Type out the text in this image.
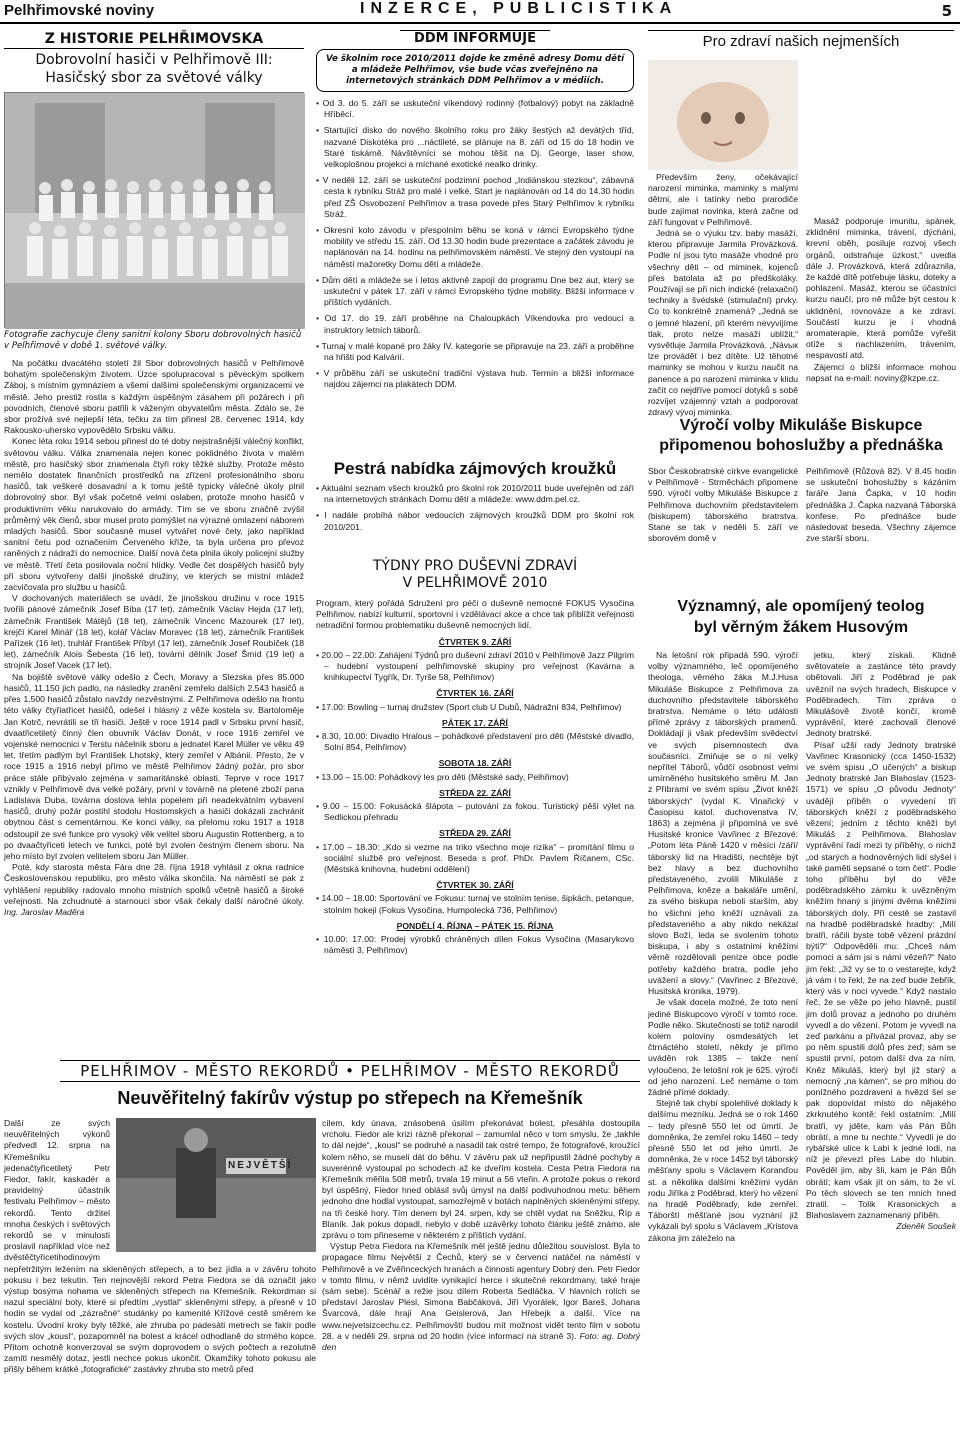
Pelhřimovské noviny	INZERCE, PUBLICISTIKA	5
Z HISTORIE PELHŘIMOVSKA
Dobrovolní hasiči v Pelhřimově III:
Hasičský sbor za světové války
Fotografie zachycuje členy sanitní kolony Sboru dobrovolných hasičů v Pelhřimově v době 1. světové války.

Na počátku dvacátého století žil Sbor dobrovolných hasičů v Pelhřimově bohatým společenským životem. Úzce spolupracoval s pěveckým spolkem Záboj, s místním gymnáziem a všemi dalšími společenskými organizacemi ve městě. Jeho prestiž rostla s každým úspěšným zásahem při požárech i při povodních, členové sboru patřili k váženým obyvatelům města. Zdálo se, že sbor prožívá své nejlepší léta, tečku za tím přinesl 28. červenec 1914, kdy Rakousko-uhersko vypovědělo Srbsku válku.

Konec léta roku 1914 sebou přinesl do té doby nejstrašnější válečný konflikt, světovou válku. Válka znamenala nejen konec poklidného života v malém městě, pro hasičský sbor znamenala čtyři roky těžké služby. Protože město nemělo dostatek finančních prostředků na zřízení profesionálního sboru hasičů, tak veškeré dosavadní a k tomu ještě typicky válečné úkoly plnil dobrovolný sbor. Byl však početně velmi oslaben, protože mnoho hasičů v produktivním věku narukovalo do armády. Tím se ve sboru značně zvýšil průměrný věk členů, sbor musel proto pomýšlet na výrazné omlazení náborem mladých hasičů. Sbor současně musel vytvářet nové čety, jako například sanitní četu pod označením Červeného kříže, ta byla určena pro převoz raněných z nádraží do nemocnice. Další nová četa plnila úkoly policejní služby ve městě. Třetí četa posilovala noční hlídky. Vedle čet dospělých hasičů byly při sboru vytvořeny další jinošské družiny, ve kterých se místní mládež zacvičovala pro službu u hasičů.

V dochovaných materiálech se uvádí, že jinošskou družinu v roce 1915 tvořili pánové zámečník Josef Bíba (17 let), zámečník Václav Hejda (17 let), zámečník František Mátějů (18 let), zámečník Vincenc Mazourek (17 let), krejčí Karel Minář (18 let), kolář Václav Moravec (18 let), zámečník František Pařízek (16 let), truhlář František Příbyl (17 let), zámečník Josef Roubíček (18 let), zámečník Alois Šebesta (16 let), tovární dělník Josef Šmíd (19 let) a strojník Josef Vacek (17 let).

Na bojiště světové války odešlo z Čech, Moravy a Slezska přes 85.000 hasičů, 11.150 jich padlo, na následky zranění zemřelo dalších 2.543 hasičů a přes 1.500 hasičů zůstalo navždy nezvěstnými. Z Pelhřimova odešlo na frontu této války čtyřiatřicet hasičů, odešel i hlásný z věže kostela sv. Bartoloměje Jan Kotrč, nevrátili se tři hasiči. Ještě v roce 1914 padl v Srbsku první hasič, dvaatřicetiletý činný člen obuvník Václav Donát, v roce 1916 zemřel ve vojenské nemocnici v Terstu náčelník sboru a jednatel Karel Müller ve věku 49 let, třetím padlým byl František Lhotský, který zemřel v Albánii. Přesto, že v roce 1915 a 1916 nebyl přímo ve městě Pelhřimov žádný požár, pro sbor práce stále přibývalo zejména v samaritánské oblasti. Teprve v roce 1917 vznikly v Pelhřimově dva velké požáry, první v továrně na pletené zboží pana Ladislava Duba, továrna doslova lehla popelem při neadekvátním vybavení hasičů, druhý požár postihl stodolu Hostomských a hasiči dokázali zachránit obytnou část s cementárnou. Ke konci války, na přelomu roku 1917 a 1918 odstoupil ze své funkce pro vysoký věk velitel sboru Augustin Rottenberg, a to po dvaačtyřiceti letech ve funkci, poté byl zvolen čestným členem sboru. Na jeho místo byl zvolen velitelem sboru Jan Müller.

Poté, kdy starosta města Fára dne 28. října 1918 vyhlásil z okna radnice Československou republiku, pro město válka skončila. Na náměstí se pak z vyhlášení republiky radovalo mnoho místních spolků včetně hasičů a široké veřejnosti. Na zchudnuté a starnoucí sbor však čekaly další náročné úkoly. Ing. Jaroslav Maděra

DDM INFORMUJE
Ve školním roce 2010/2011 dojde ke změně adresy Domu dětí a mládeže Pelhřimov, vše bude včas zveřejněno na internetových stránkách DDM Pelhřimov a v médiích.
• Od 3. do 5. září se uskuteční víkendový rodinný (fotbalový) pobyt na základně Hříběcí.
• Startující disko do nového školního roku pro žáky šestých až devátých tříd, nazvané Diskotéka pro ...náctileté, se plánuje na 8. září od 15 do 18 hodin ve Staré tiskárně. Návštěvníci se mohou těšit na Dj. George, laser show, velkoplošnou projekci a míchané exotické nealko drinky.
• V neděli 12. září se uskuteční podzimní pochod „Indiánskou stezkou“, zábavná cesta k rybníku Stráž pro malé i velké. Start je naplánován od 14 do 14.30 hodin před ZŠ Osvobození Pelhřimov a trasa povede přes Starý Pelhřimov k rybníku Stráž.
• Okresní kolo závodu v přespolním běhu se koná v rámci Evropského týdne mobility ve středu 15. září. Od 13.30 hodin bude prezentace a začátek závodu je naplánován na 14. hodinu na pelhřimovském náměstí. Ve stejný den vystoupí na náměstí mažoretky Domu dětí a mládeže.
• Dům dětí a mládeže se i letos aktivně zapojí do programu Dne bez aut, který se uskuteční v pátek 17. září v rámci Evropského týdne mobility. Bližší informace v příštích vydáních.
• Od 17. do 19. září proběhne na Chaloupkách Víkendovka pro vedoucí a instruktory letních táborů.
• Turnaj v malé kopané pro žáky IV. kategorie se připravuje na 23. září a proběhne na hřišti pod Kalvárií.
• V průběhu září se uskuteční tradiční výstava hub. Termín a bližší informace najdou zájemci na plakátech DDM.
Pestrá nabídka zájmových kroužků
• Aktuální seznam všech kroužků pro školní rok 2010/2011 bude uveřejněn od září na internetových stránkách Domu dětí a mládeže: www.ddm.pel.cz.
• I nadále probíhá nábor vedoucích zájmových kroužků DDM pro školní rok 2010/201.
TÝDNY PRO DUŠEVNÍ ZDRAVÍ
V PELHŘIMOVĚ 2010
Program, který pořádá Sdružení pro péči o duševně nemocné FOKUS Vysočina Pelhřimov, nabízí kulturní, sportovní i vzdělávací akce a chce tak přiblížit veřejnosti netradiční formou problematiku duševně nemocných lidí.
ČTVRTEK 9. ZÁŘÍ
• 20.00 – 22.00: Zahájení Týdnů pro duševní zdraví 2010 v Pelhřimově Jazz Pilgrim – hudební vystoupení pelhřimovské skupiny pro veřejnost (Kavárna a knihkupectví Tygřík, Dr. Tyrše 58, Pelhřimov)
ČTVRTEK 16. ZÁŘÍ
• 17.00: Bowling – turnaj družstev (Sport club U Dubů, Nádražní 834, Pelhřimov)
PÁTEK 17. ZÁŘÍ
• 8.30, 10.00: Divadlo Hralous – pohádkové představení pro děti (Městské divadlo, Solní 854, Pelhřimov)
SOBOTA 18. ZÁŘÍ
• 13.00 – 15.00: Pohádkový les pro děti (Městské sady, Pelhřimov)
STŘEDA 22. ZÁŘÍ
• 9.00 – 15.00: Fokusácká šlápota – putování za fokou. Turistický pěší výlet na Sedlickou přehradu
STŘEDA 29. ZÁŘÍ
• 17.00 – 18.30: „Kdo si vezme na triko všechno moje rizika“ – promítání filmu o sociální službě pro veřejnost. Beseda s prof. PhDr. Pavlem Říčanem, CSc. (Městská knihovna, hudební oddělení)
ČTVRTEK 30. ZÁŘÍ
• 14.00 – 18.00: Sportování ve Fokusu: turnaj ve stolním tenise, šipkách, petanque, stolním hokeji (Fokus Vysočina, Humpolecká 736, Pelhřimov)
PONDĚLÍ 4. ŘÍJNA – PÁTEK 15. ŘÍJNA
• 10.00: 17.00: Prodej výrobků chráněných dílen Fokus Vysočina (Masarykovo náměstí 3, Pelhřimov)
Pro zdraví našich nejmenších

Především ženy, očekávající narození miminka, maminky s malými dětmi, ale i tatínky nebo prarodiče bude zajímat novinka, která začne od září fungovat v Pelhřimově.

Jedná se o výuku tzv. baby masáží, kterou připravuje Jarmila Provázková. Podle ní jsou tyto masáže vhodné pro všechny děti – od miminek, kojenců přes batolata až po předškoláky. Používají se při nich indické (relaxační) techniky a švédské (stimulační) prvky. Co to konkrétně znamená? „Jedná se o jemné hlazení, při kterém nevyvíjíme tlak, proto nelze masáží ublížit,“ vysvětluje Jarmila Provázková. „Návык lze provádět i bez dítěte. Už těhotné maminky se mohou v kurzu naučit na panence a po narození miminka v klidu začít co nejdříve pomocí dotyků s sobě rozvíjet vzájemný vztah a podporovat zdravý vývoj miminka.

Masáž podporuje imunitu, spánek, zklidnění miminka, trávení, dýchání, krevní oběh, posiluje rozvoj všech orgánů, odstraňuje úzkost,“ uvedla dále J. Provázková, která zdůraznila, že každé dítě potřebuje lásku, doteky a pohlazení. Masáž, kterou se účastníci kurzu naučí, pro ně může být cestou k uklidnění, rovnováze a ke zdraví. Součástí kurzu je i vhodná aromaterapie, která pomůže vyřešit otíže s nachlazením, trávením, nespavostí atd.

Zájemci o bližší informace mohou napsat na e-mail: noviny@kzpe.cz.

Výročí volby Mikuláše Biskupce
připomenou bohoslužby a přednáška
Sbor Českobratrské církve evangelické v Pelhřimově - Strměchách připomene 590. výročí volby Mikuláše Biskupce z Pelhřimova duchovním představitelem (biskupem) táborského bratrstva. Stane se tak v neděli 5. září ve sborovém domě v
Pelhřimově (Růžová 82). V 8.45 hodin se uskuteční bohoslužby s kázáním faráře Jana Čapka, v 10 hodin přednáška J. Čapka nazvaná Táborská konfese. Po přednášce bude následovat beseda. Všechny zájemce zve starší sboru.
Významný, ale opomíjený teolog
byl věrným žákem Husovým

Na letošní rok připadá 590. výročí volby významného, leč opomíjeného theologa, věrného žáka M.J.Husa Mikuláše Biskupce z Pelhřimova za duchovního představitele táborského bratrstva. Nemáme o této události přímé zprávy z táborských pramenů. Dokládají ji však především svědectví ve svých písemnostech dva současníci. Zmiňuje se o ní velký nepřítel Táborů, vůdčí osobnost velmi umírněného husitského směru M. Jan z Příbramí ve svém spisu „Život kněží táborských“ (vydal K. Vinařický v Časopisu katol. duchovenstva IV, 1863) a zejména jí připomíná ve své Husitské kronice Vavřinec z Březové: „Potom léta Páně 1420 v měsíci /září/ táborský lid na Hradišti, nechtěje být bez hlavy a bez duchovního představeného, zvolili Mikuláše z Pelhřimova, kněze a bakaláře umění, za svého biskupa neboli starším, aby ho všichni jeho kněží uznávali za představeného a aby nikdo nekázal slovo Boží, leda se svolením tohoto biskupa, i aby s ostatními kněžími věrně rozdělovali peníze obce podle potřeby každého bratra, podle jeho uvážení a slovy.“ (Vavřinec z Březové, Husitská kronika, 1979).

Je však docela možné, že toto není jediné Biskupcovo výročí v tomto roce. Podle něko. Skutečnosti se totiž narodil kolem poloviny osmdesátých let čtrnáctého století, někdy je přímo uváděn rok 1385 – takže není vyloučeno, že letošní rok je 625. výročí od jeho narození. Leč nemáme o tom žádné přímé doklady.

Stejně tak chybí spolehlivé doklady k dalšímu mezníku. Jedná se o rok 1460 – tedy přesně 550 let od úmrtí. Je domněnka, že zemřel roku 1460 – tedy přesně 550 let od jeho úmrtí. Je domněnka, že v roce 1452 byl táborský měšťany spolu s Václavem Koranďou st. a několika dalšími kněžími vydán rodu Jiříka z Poděbrad, který ho vězení na hradě Poděbrady, kde zemřel. Táborští měšťané jsou vyznání již vykázali byl spolu s Václavem „Kristova zákona jim záleželo na

jetku, který získali. Klidně světovatele a zastánce této pravdy obětovali. Jiří z Poděbrad je pak uvězníl na svých hradech, Biskupce v Poděbradech. Tím zpráva o Mikulášově životě končí, kromě vyprávění, které zachovali členové Jednoty bratrské.

Písař užší rady Jednoty bratrské Vavřinec Krasonický (cca 1450-1532) ve svém spisu „O učených“ a biskup Jednoty bratrské Jan Blahoslav (1523-1571) ve spisu „O původu Jednoty“ uvádějí příběh o vyvedení tří táborských kněží z poděbradského vězení; jedním z těchto kněží byl Mikuláš z Pelhřimova. Blahoslav vyprávění řadí mezi ty příběhy, o nichž „od starých a hodnověrných lidí slyšel i také paměti sepsané o tom četl“. Podle toho příběhu byl do věže poděbradského zámku k uvězněným kněžím hnaný s jinými dvěma kněžími táborských doly. Při cestě se zastavil na hradbě poděbradské hradby: „Milí bratři, ráčili byste tobě vězení prázdní býti?“ Odpověděli mu: „Chceš nám pomoci a sám jsi s námi vězeň?“ Nato jim řekl: „Již vy se to o vestarejte, když já vám i to řekl, že na zeď bude žebřík, který vás v noci vyvede.“ Když nastalo řeč, že se věže po jeho hlavně, pustil jim dolů provaz a jednoho po druhém vyvedl a do vězení. Potom je vyvedl na zeď parkánu a přivázal provaz, aby se po něm spustili dolů přes zeď; sám se spustil první, potom další dva za ním. Kněz Mikuláš, který byl již starý a nemocný „na kámen“, se pro mlhou do ponížného pozdravení a hvězd šel se pak dopovídat místo do nějakého zkrknutého kontě: řekl ostatním: „Milí bratři, vy jděte, kam vás Pán Bůh obrátí, a mne tu nechte.“ Vyvedli je do rybářské ulice k Labi k jedné lodi, na níž je převezl přes Labe do hlubin. Pověděl jim, aby šli, kam je Pán Bůh obrátí; kam však jít on sám, to že ví. Po těch slovech se ten mnich hned ztratil. – Tolik Krasonických a Blahoslavem zaznamenaný příběh.

Zdeněk Soušek
PELHŘIMOV - MĚSTO REKORDŮ • PELHŘIMOV - MĚSTO REKORDŮ
Neuvěřitelný fakírův výstup po střepech na Křemešník
NEJVĚTŠÍ
Další ze svých neuvěřitelných výkonů předvedl 12. srpna na Křemešníku jedenačtyřicetiletý Petr Fiedor, fakír, kaskadér a pravidelný účastník festivalu Pelhřimov – město rekordů. Tento držitel mnoha českých i světových rekordů se v minulosti proslavil například více než dvěstěčtyřicetihodinovým nepřetržitým ležením na skleněných střepech, a to bez jídla a v závěru tohoto pokusu i bez tekutin. Ten nejnovější rekord Petra Fiedora se dá označit jako výstup bosýma nohama ve skleněných střepech na Křemešník. Rekordman si nazul speciální boty, které si předtím „vystlal“ skleněnými střepy, a přesně v 10 hodin se vydal od „zázračné“ studánky po kamenité Křížové cestě směrem ke kostelu. Úvodní kroky byly těžké, ale zhruba po padesáti metrech se fakír podle svých slov „kousl“, pozapomněl na bolest a krácel odhodlaně do strmého kopce. Přitom ochotně konverzoval se svým doprovodem o svých počtech a rezolutně zamítl nesmělý dotaz, jestli nechce pokus ukončit. Okamžiky tohoto pokusu ale přišly během krátké „fotografické“ zastávky zhruba sto metrů před

cílem, kdy únava, znásobená úsilím překonávat bolest, přesáhla dostoupila vrcholu. Fiedor ale krizi rázně překonal – zamumlal něco v tom smyslu, že „takhle to dál nejde“, „kousl“ se podruhé a nasadil tak ostré tempo, že fotografové, kroužící kolem něho, se museli dát do běhu. V závěru pak už nepřipustil žádné pochyby a suverénně vystoupal po schodech až ke dveřím kostela. Cesta Petra Fiedora na Křemešník měřila 508 metrů, trvala 19 minut a 56 vteřin. A protože pokus o rekord byl úspěšný, Fiedor hned oblásil svůj úmysl na další podivuhodnou metu: během jednoho dne hodlal vystoupat, samozřejmě v botách naplněných skleněnými střepy, na tři české hory. Tím denem byl 24. srpen, kdy se chtěl vydat na Sněžku, Říp a Blaník. Jak pokus dopadl, nebylo v době uzávěrky tohoto článku ještě známo, ale zprávu o tom přineseme v některém z příštích vydání.

Výstup Petra Fiedora na Křemešník měl ještě jednu důležitou souvislost. Byla to propagace filmu Největší z Čechů, který se v červenci natáčel na náměstí v Pelhřimově a ve Zvěřinceckých hranách a činnosti agentury Dobrý den. Petr Fiedor v tomto filmu, v němž uvidíte vynikající herce i skutečné rekordmany, také hraje (sám sebe). Scénář a režie jsou dílem Roberta Sedláčka. V hlavních rolích se představí Jaroslav Plesl, Simona Babčáková, Jiří Vyorálek, Igor Bareš, Johana Švarcová, dále hrají Ana Geislerová, Jan Hřebejk a další. Více na www.nejvetsizcechu.cz. Pelhřimovští budou mít možnost vidět tento film v sobotu 28. a v neděli 29. srpna od 20 hodin (více informací na straně 3). Foto: ag. Dobrý den
